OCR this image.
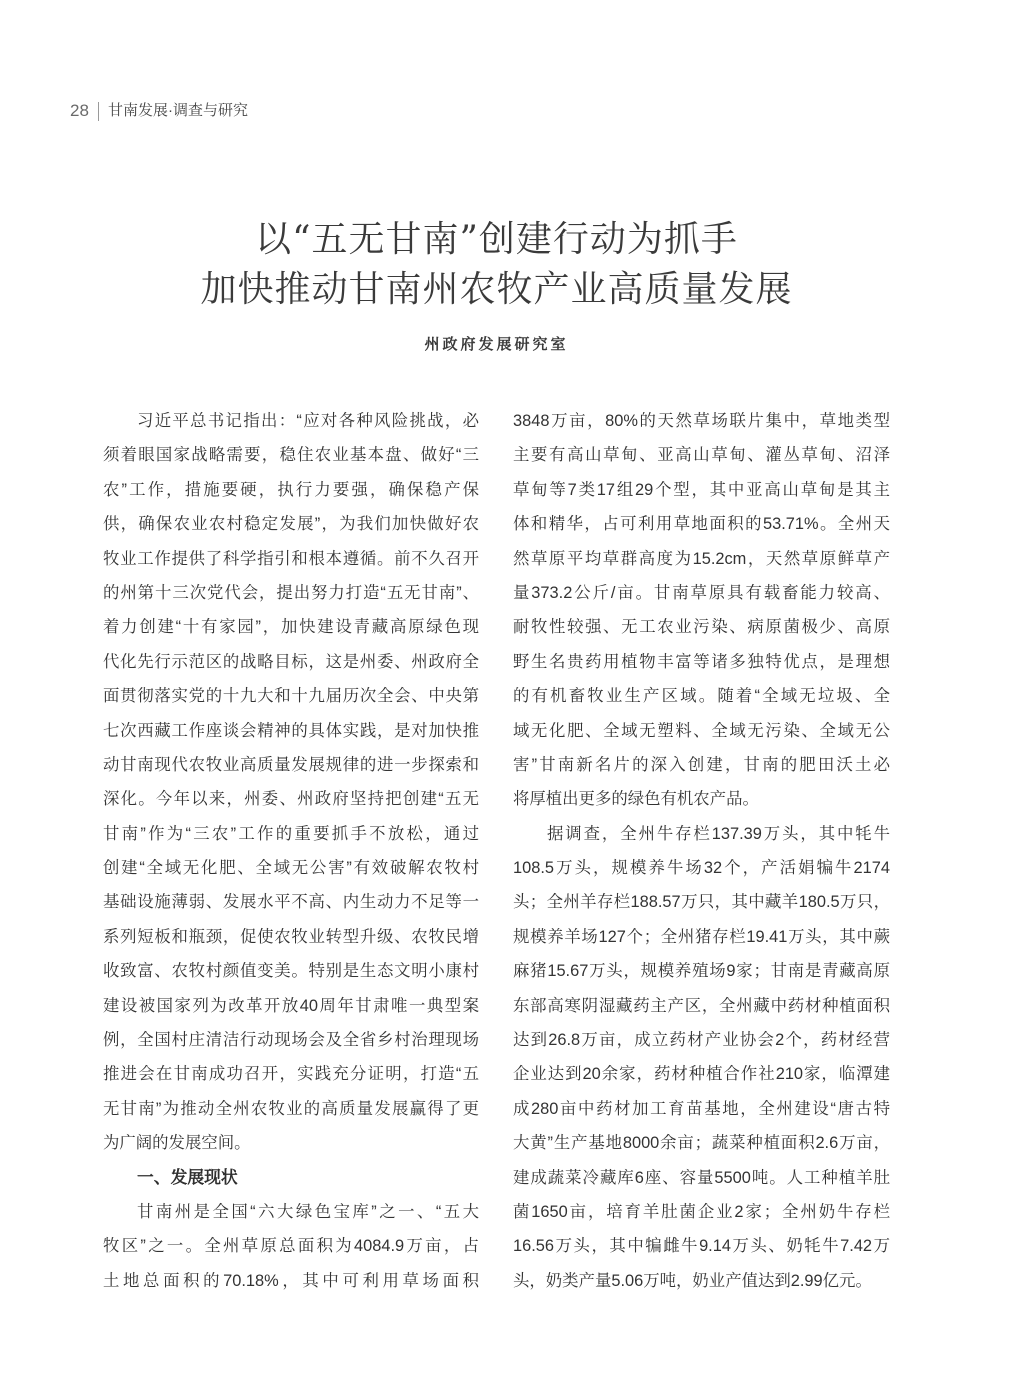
28 甘南发展·调查与研究
以“五无甘南”创建行动为抓手
加快推动甘南州农牧产业高质量发展
州政府发展研究室
习近平总书记指出：“应对各种风险挑战，必
须着眼国家战略需要，稳住农业基本盘、做好“三
农”工作，措施要硬，执行力要强，确保稳产保
供，确保农业农村稳定发展”，为我们加快做好农
牧业工作提供了科学指引和根本遵循。前不久召开
的州第十三次党代会，提出努力打造“五无甘南”、
着力创建“十有家园”，加快建设青藏高原绿色现
代化先行示范区的战略目标，这是州委、州政府全
面贯彻落实党的十九大和十九届历次全会、中央第
七次西藏工作座谈会精神的具体实践，是对加快推
动甘南现代农牧业高质量发展规律的进一步探索和
深化。今年以来，州委、州政府坚持把创建“五无
甘南”作为“三农”工作的重要抓手不放松，通过
创建“全域无化肥、全域无公害”有效破解农牧村
基础设施薄弱、发展水平不高、内生动力不足等一
系列短板和瓶颈，促使农牧业转型升级、农牧民增
收致富、农牧村颜值变美。特别是生态文明小康村
建设被国家列为改革开放40周年甘肃唯一典型案
例，全国村庄清洁行动现场会及全省乡村治理现场
推进会在甘南成功召开，实践充分证明，打造“五
无甘南”为推动全州农牧业的高质量发展赢得了更
为广阔的发展空间。
一、发展现状
甘南州是全国“六大绿色宝库”之一、“五大
牧区”之一。全州草原总面积为4084.9万亩，占
土地总面积的70.18%，其中可利用草场面积
3848万亩，80%的天然草场联片集中，草地类型
主要有高山草甸、亚高山草甸、灌丛草甸、沼泽
草甸等7类17组29个型，其中亚高山草甸是其主
体和精华，占可利用草地面积的53.71%。全州天
然草原平均草群高度为15.2cm，天然草原鲜草产
量373.2公斤/亩。甘南草原具有载畜能力较高、
耐牧性较强、无工农业污染、病原菌极少、高原
野生名贵药用植物丰富等诸多独特优点，是理想
的有机畜牧业生产区域。随着“全域无垃圾、全
域无化肥、全域无塑料、全域无污染、全域无公
害”甘南新名片的深入创建，甘南的肥田沃土必
将厚植出更多的绿色有机农产品。
据调查，全州牛存栏137.39万头，其中牦牛
108.5万头，规模养牛场32个，产活娟犏牛2174
头；全州羊存栏188.57万只，其中藏羊180.5万只，
规模养羊场127个；全州猪存栏19.41万头，其中蕨
麻猪15.67万头，规模养殖场9家；甘南是青藏高原
东部高寒阴湿藏药主产区，全州藏中药材种植面积
达到26.8万亩，成立药材产业协会2个，药材经营
企业达到20余家，药材种植合作社210家，临潭建
成280亩中药材加工育苗基地，全州建设“唐古特
大黄”生产基地8000余亩；蔬菜种植面积2.6万亩，
建成蔬菜冷藏库6座、容量5500吨。人工种植羊肚
菌1650亩，培育羊肚菌企业2家；全州奶牛存栏
16.56万头，其中犏雌牛9.14万头、奶牦牛7.42万
头，奶类产量5.06万吨，奶业产值达到2.99亿元。
